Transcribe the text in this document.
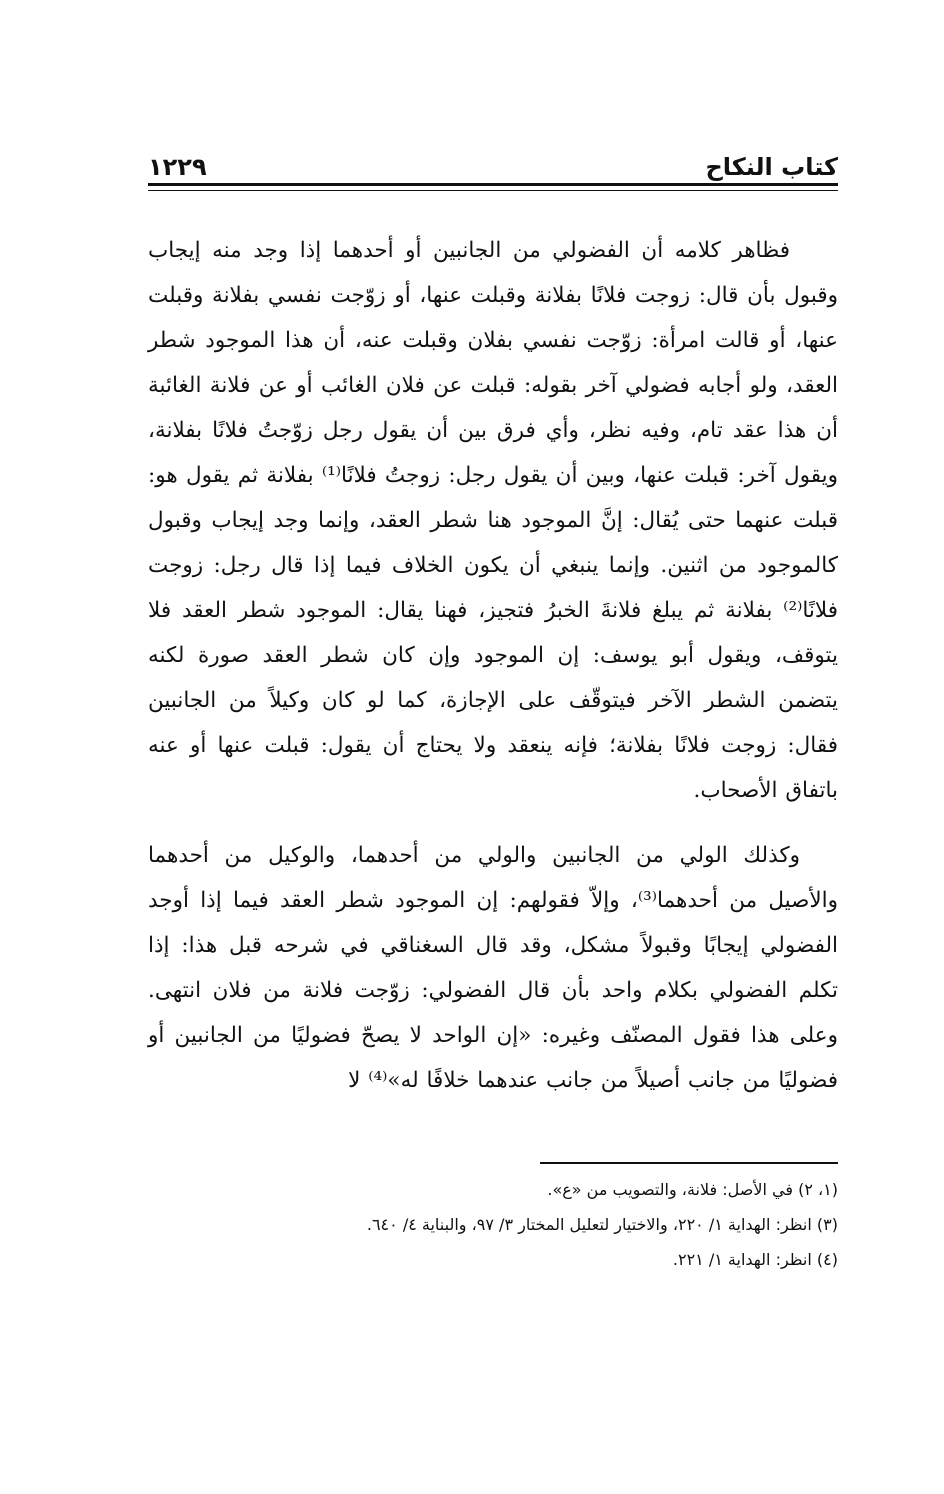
كتاب النكاح
١٢٢٩

فظاهر كلامه أن الفضولي من الجانبين أو أحدهما إذا وجد منه إيجاب وقبول بأن قال: زوجت فلانًا بفلانة وقبلت عنها، أو زوّجت نفسي بفلانة وقبلت عنها، أو قالت امرأة: زوّجت نفسي بفلان وقبلت عنه، أن هذا الموجود شطر العقد، ولو أجابه فضولي آخر بقوله: قبلت عن فلان الغائب أو عن فلانة الغائبة أن هذا عقد تام، وفيه نظر، وأي فرق بين أن يقول رجل زوّجتُ فلانًا بفلانة، ويقول آخر: قبلت عنها، وبين أن يقول رجل: زوجتُ فلانًا⁽¹⁾ بفلانة ثم يقول هو: قبلت عنهما حتى يُقال: إنَّ الموجود هنا شطر العقد، وإنما وجد إيجاب وقبول كالموجود من اثنين. وإنما ينبغي أن يكون الخلاف فيما إذا قال رجل: زوجت فلانًا⁽²⁾ بفلانة ثم يبلغ فلانةَ الخبرُ فتجيز، فهنا يقال: الموجود شطر العقد فلا يتوقف، ويقول أبو يوسف: إن الموجود وإن كان شطر العقد صورة لكنه يتضمن الشطر الآخر فيتوقّف على الإجازة، كما لو كان وكيلاً من الجانبين فقال: زوجت فلانًا بفلانة؛ فإنه ينعقد ولا يحتاج أن يقول: قبلت عنها أو عنه باتفاق الأصحاب.

وكذلك الولي من الجانبين والولي من أحدهما، والوكيل من أحدهما والأصيل من أحدهما⁽³⁾، وإلاّ فقولهم: إن الموجود شطر العقد فيما إذا أوجد الفضولي إيجابًا وقبولاً مشكل، وقد قال السغناقي في شرحه قبل هذا: إذا تكلم الفضولي بكلام واحد بأن قال الفضولي: زوّجت فلانة من فلان انتهى. وعلى هذا فقول المصنّف وغيره: «إن الواحد لا يصحّ فضوليًا من الجانبين أو فضوليًا من جانب أصيلاً من جانب عندهما خلافًا له»⁽⁴⁾ لا

(١، ٢) في الأصل: فلانة، والتصويب من «ع».
(٣) انظر: الهداية ١/ ٢٢٠، والاختيار لتعليل المختار ٣/ ٩٧، والبناية ٤/ ٦٤٠.
(٤) انظر: الهداية ١/ ٢٢١.
